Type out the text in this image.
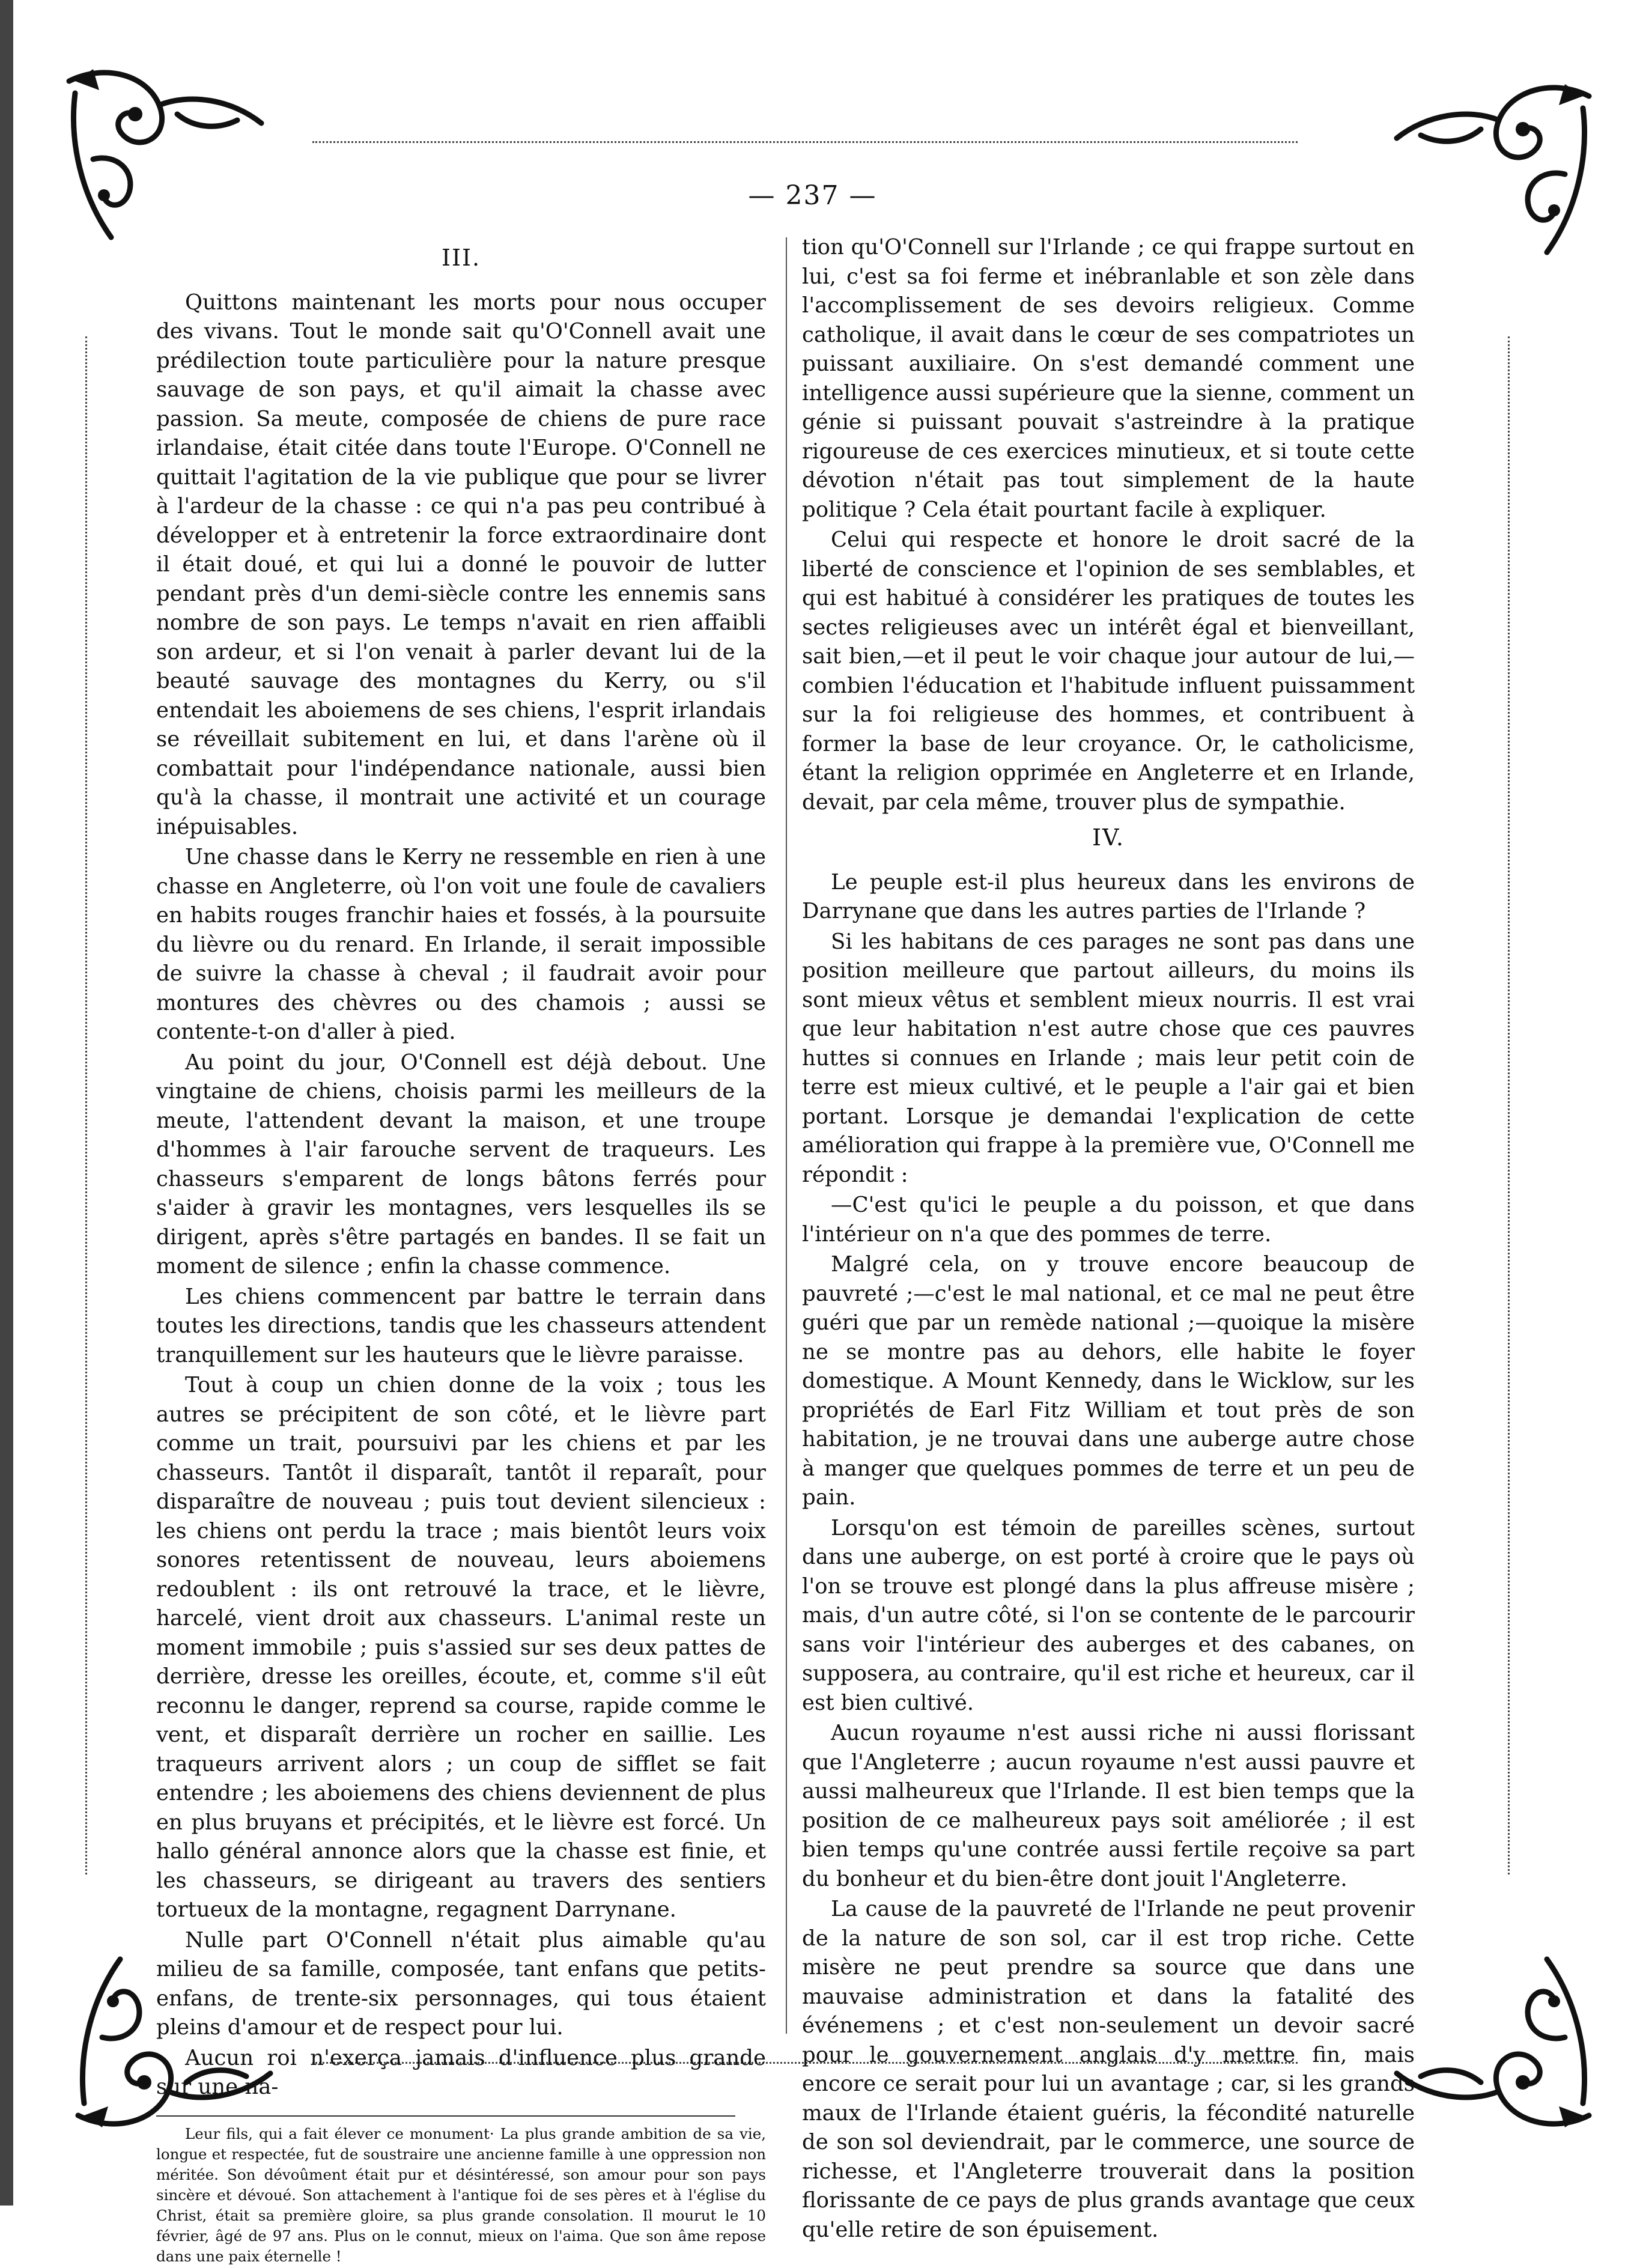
— 237 —
III.

Quittons maintenant les morts pour nous occuper des vivans. Tout le monde sait qu'O'Connell avait une prédilection toute particulière pour la nature presque sauvage de son pays, et qu'il aimait la chasse avec passion. Sa meute, composée de chiens de pure race irlandaise, était citée dans toute l'Europe. O'Connell ne quittait l'agitation de la vie publique que pour se livrer à l'ardeur de la chasse : ce qui n'a pas peu contribué à développer et à entretenir la force extraordinaire dont il était doué, et qui lui a donné le pouvoir de lutter pendant près d'un demi-siècle contre les ennemis sans nombre de son pays. Le temps n'avait en rien affaibli son ardeur, et si l'on venait à parler devant lui de la beauté sauvage des montagnes du Kerry, ou s'il entendait les aboiemens de ses chiens, l'esprit irlandais se réveillait subitement en lui, et dans l'arène où il combattait pour l'indépendance nationale, aussi bien qu'à la chasse, il montrait une activité et un courage inépuisables.

Une chasse dans le Kerry ne ressemble en rien à une chasse en Angleterre, où l'on voit une foule de cavaliers en habits rouges franchir haies et fossés, à la poursuite du lièvre ou du renard. En Irlande, il serait impossible de suivre la chasse à cheval ; il faudrait avoir pour montures des chèvres ou des chamois ; aussi se contente-t-on d'aller à pied.

Au point du jour, O'Connell est déjà debout. Une vingtaine de chiens, choisis parmi les meilleurs de la meute, l'attendent devant la maison, et une troupe d'hommes à l'air farouche servent de traqueurs. Les chasseurs s'emparent de longs bâtons ferrés pour s'aider à gravir les montagnes, vers lesquelles ils se dirigent, après s'être partagés en bandes. Il se fait un moment de silence ; enfin la chasse commence.

Les chiens commencent par battre le terrain dans toutes les directions, tandis que les chasseurs attendent tranquillement sur les hauteurs que le lièvre paraisse.

Tout à coup un chien donne de la voix ; tous les autres se précipitent de son côté, et le lièvre part comme un trait, poursuivi par les chiens et par les chasseurs. Tantôt il disparaît, tantôt il reparaît, pour disparaître de nouveau ; puis tout devient silencieux : les chiens ont perdu la trace ; mais bientôt leurs voix sonores retentissent de nouveau, leurs aboiemens redoublent : ils ont retrouvé la trace, et le lièvre, harcelé, vient droit aux chasseurs. L'animal reste un moment immobile ; puis s'assied sur ses deux pattes de derrière, dresse les oreilles, écoute, et, comme s'il eût reconnu le danger, reprend sa course, rapide comme le vent, et disparaît derrière un rocher en saillie. Les traqueurs arrivent alors ; un coup de sifflet se fait entendre ; les aboiemens des chiens deviennent de plus en plus bruyans et précipités, et le lièvre est forcé. Un hallo général annonce alors que la chasse est finie, et les chasseurs, se dirigeant au travers des sentiers tortueux de la montagne, regagnent Darrynane.

Nulle part O'Connell n'était plus aimable qu'au milieu de sa famille, composée, tant enfans que petits-enfans, de trente-six personnages, qui tous étaient pleins d'amour et de respect pour lui.

Aucun roi n'exerça jamais d'influence plus grande sur une na-

Leur fils, qui a fait élever ce monument· La plus grande ambition de sa vie, longue et respectée, fut de soustraire une ancienne famille à une oppression non méritée. Son dévoûment était pur et désintéressé, son amour pour son pays sincère et dévoué. Son attachement à l'antique foi de ses pères et à l'église du Christ, était sa première gloire, sa plus grande consolation. Il mourut le 10 février, âgé de 97 ans. Plus on le connut, mieux on l'aima. Que son âme repose dans une paix éternelle !

tion qu'O'Connell sur l'Irlande ; ce qui frappe surtout en lui, c'est sa foi ferme et inébranlable et son zèle dans l'accomplissement de ses devoirs religieux. Comme catholique, il avait dans le cœur de ses compatriotes un puissant auxiliaire. On s'est demandé comment une intelligence aussi supérieure que la sienne, comment un génie si puissant pouvait s'astreindre à la pratique rigoureuse de ces exercices minutieux, et si toute cette dévotion n'était pas tout simplement de la haute politique ? Cela était pourtant facile à expliquer.

Celui qui respecte et honore le droit sacré de la liberté de conscience et l'opinion de ses semblables, et qui est habitué à considérer les pratiques de toutes les sectes religieuses avec un intérêt égal et bienveillant, sait bien,—et il peut le voir chaque jour autour de lui,—combien l'éducation et l'habitude influent puissamment sur la foi religieuse des hommes, et contribuent à former la base de leur croyance. Or, le catholicisme, étant la religion opprimée en Angleterre et en Irlande, devait, par cela même, trouver plus de sympathie.

IV.

Le peuple est-il plus heureux dans les environs de Darrynane que dans les autres parties de l'Irlande ?

Si les habitans de ces parages ne sont pas dans une position meilleure que partout ailleurs, du moins ils sont mieux vêtus et semblent mieux nourris. Il est vrai que leur habitation n'est autre chose que ces pauvres huttes si connues en Irlande ; mais leur petit coin de terre est mieux cultivé, et le peuple a l'air gai et bien portant. Lorsque je demandai l'explication de cette amélioration qui frappe à la première vue, O'Connell me répondit :

—C'est qu'ici le peuple a du poisson, et que dans l'intérieur on n'a que des pommes de terre.

Malgré cela, on y trouve encore beaucoup de pauvreté ;—c'est le mal national, et ce mal ne peut être guéri que par un remède national ;—quoique la misère ne se montre pas au dehors, elle habite le foyer domestique. A Mount Kennedy, dans le Wicklow, sur les propriétés de Earl Fitz William et tout près de son habitation, je ne trouvai dans une auberge autre chose à manger que quelques pommes de terre et un peu de pain.

Lorsqu'on est témoin de pareilles scènes, surtout dans une auberge, on est porté à croire que le pays où l'on se trouve est plongé dans la plus affreuse misère ; mais, d'un autre côté, si l'on se contente de le parcourir sans voir l'intérieur des auberges et des cabanes, on supposera, au contraire, qu'il est riche et heureux, car il est bien cultivé.

Aucun royaume n'est aussi riche ni aussi florissant que l'Angleterre ; aucun royaume n'est aussi pauvre et aussi malheureux que l'Irlande. Il est bien temps que la position de ce malheureux pays soit améliorée ; il est bien temps qu'une contrée aussi fertile reçoive sa part du bonheur et du bien-être dont jouit l'Angleterre.

La cause de la pauvreté de l'Irlande ne peut provenir de la nature de son sol, car il est trop riche. Cette misère ne peut prendre sa source que dans une mauvaise administration et dans la fatalité des événemens ; et c'est non-seulement un devoir sacré pour le gouvernement anglais d'y mettre fin, mais encore ce serait pour lui un avantage ; car, si les grands maux de l'Irlande étaient guéris, la fécondité naturelle de son sol deviendrait, par le commerce, une source de richesse, et l'Angleterre trouverait dans la position florissante de ce pays de plus grands avantage que ceux qu'elle retire de son épuisement.
